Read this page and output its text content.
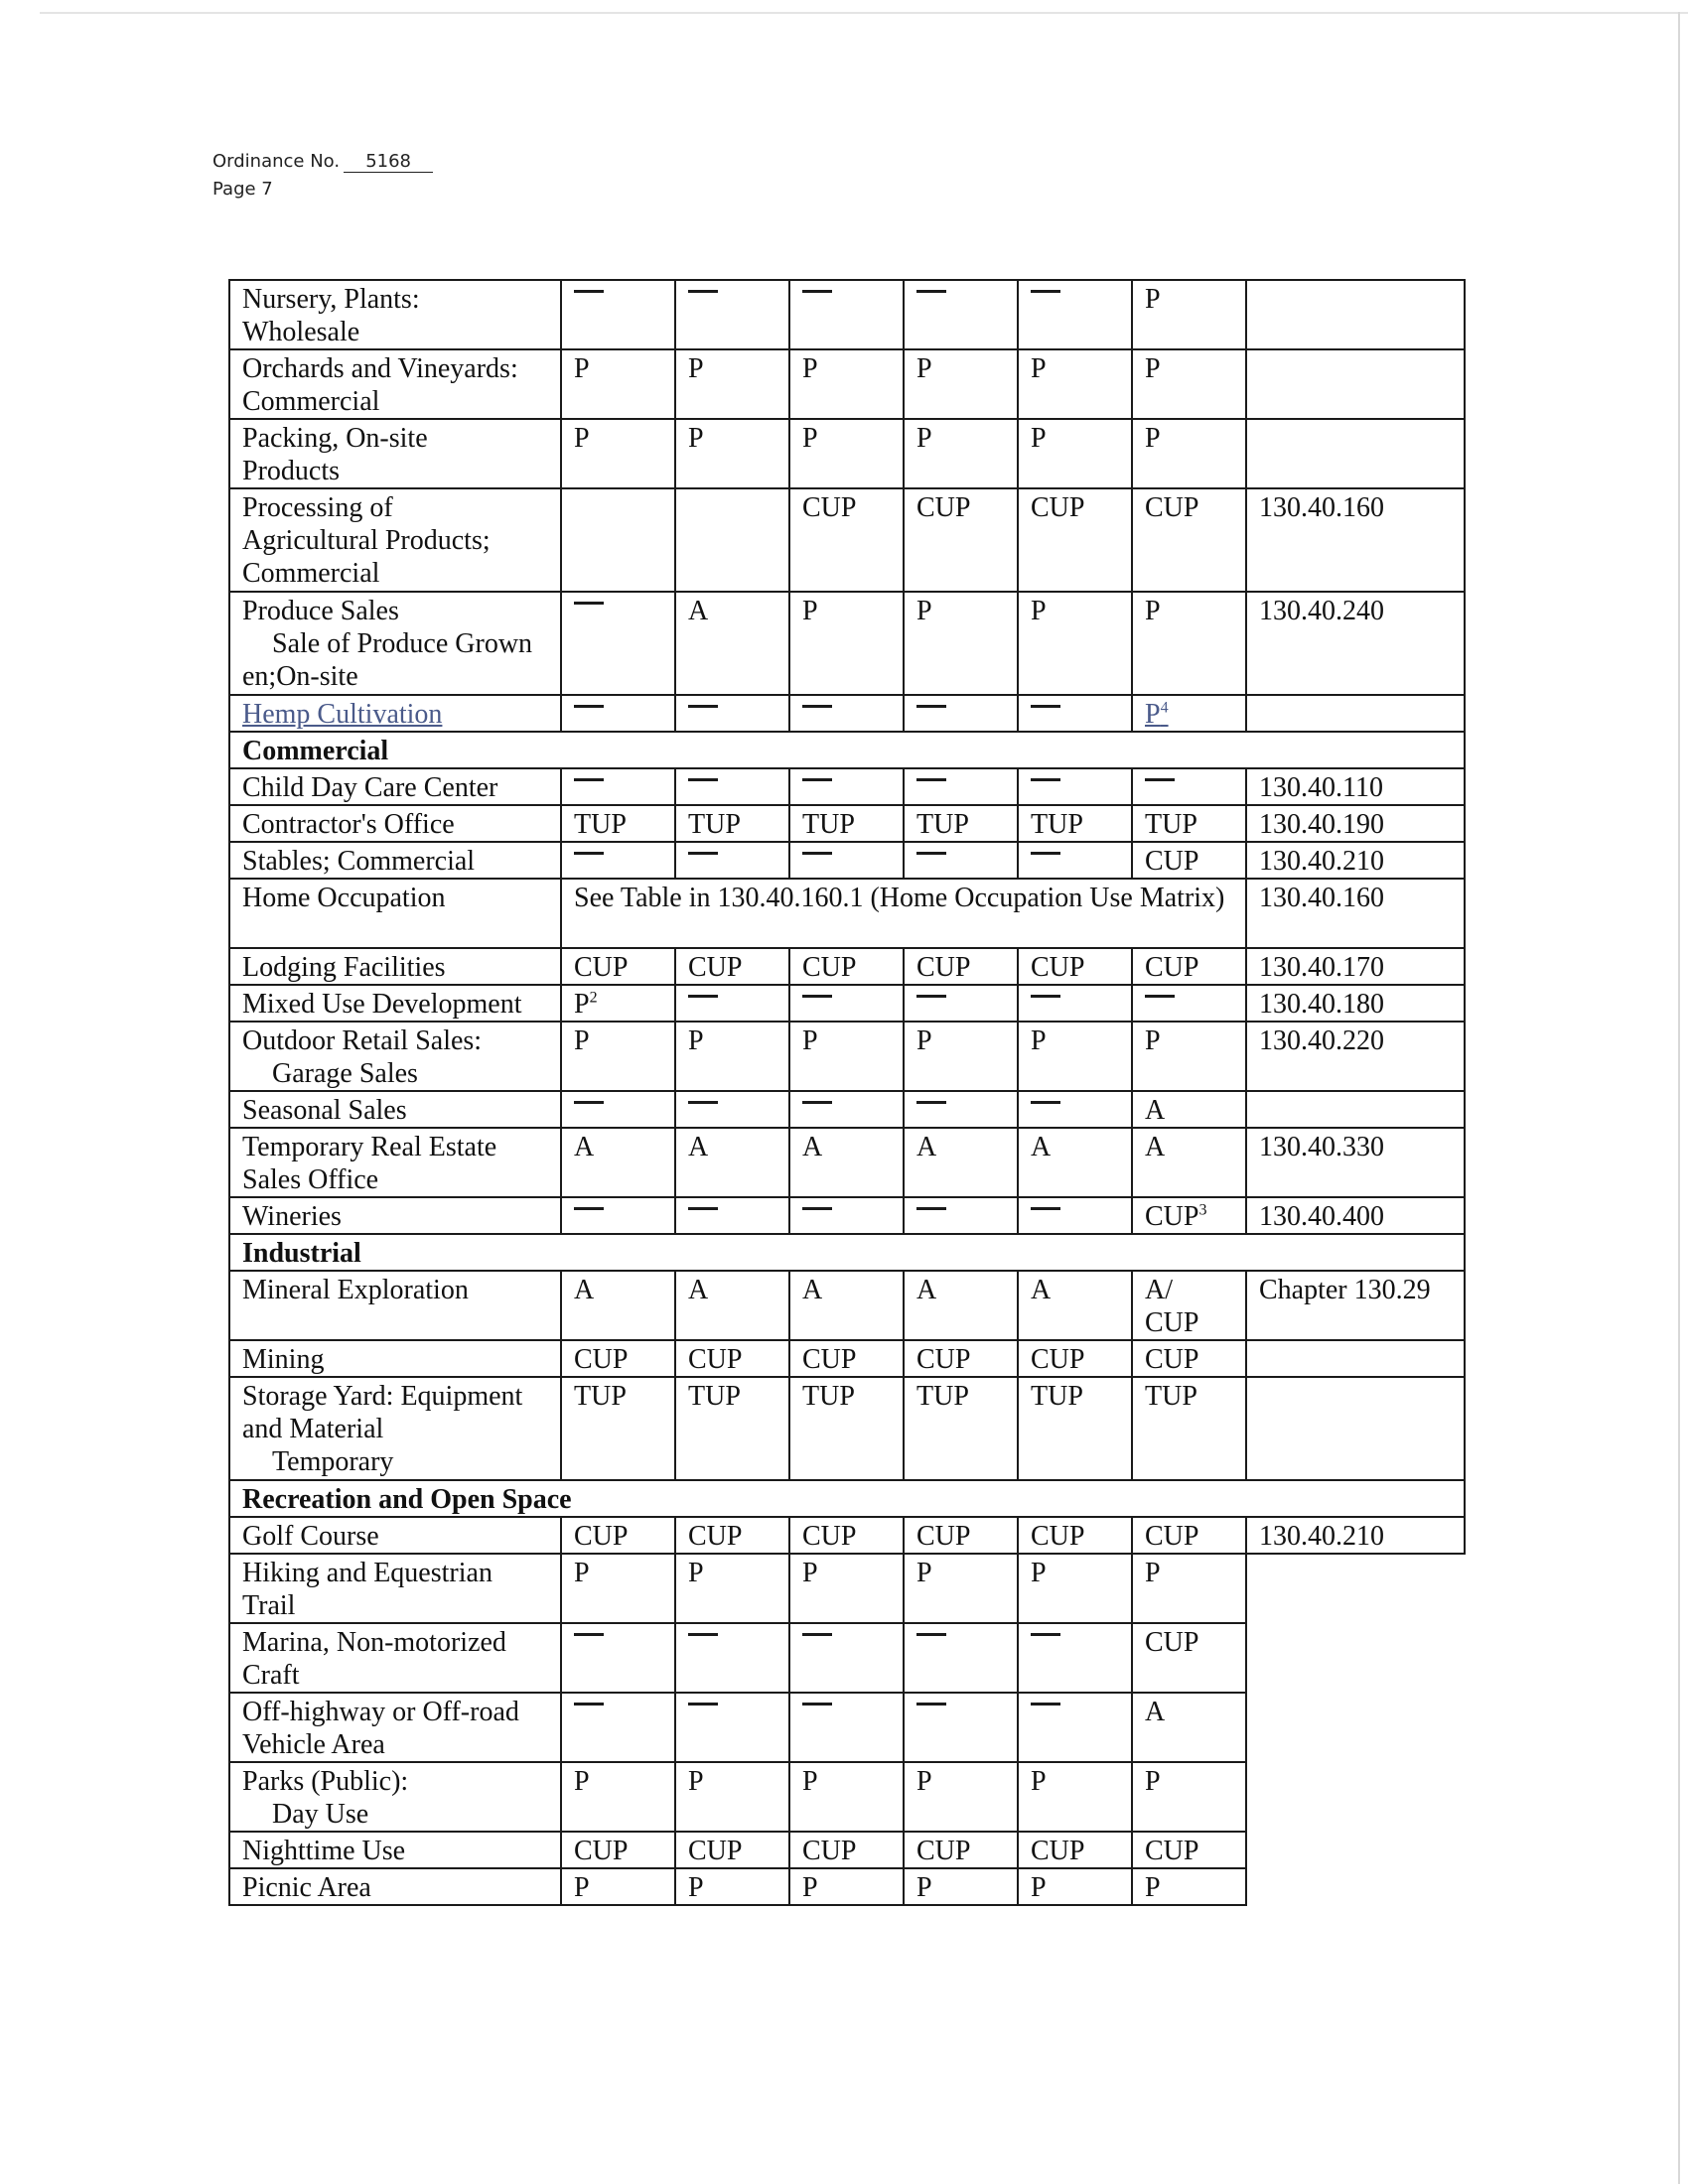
Ordinance No. 5168
Page 7
Nursery, Plants:
Wholesale						P	
Orchards and Vineyards:
Commercial	P	P	P	P	P	P	
Packing, On-site
Products	P	P	P	P	P	P	
Processing of
Agricultural Products;
Commercial			CUP	CUP	CUP	CUP	130.40.160
Produce Sales
Sale of Produce Grown
en;On-site		A	P	P	P	P	130.40.240
Hemp Cultivation						$P^4$	
Commercial							
Child Day Care Center							130.40.110
Contractor's Office	TUP	TUP	TUP	TUP	TUP	TUP	130.40.190
Stables; Commercial						CUP	130.40.210
Home Occupation	See Table in 130.40.160.1 (Home Occupation Use Matrix)						130.40.160
Lodging Facilities	CUP	CUP	CUP	CUP	CUP	CUP	130.40.170
Mixed Use Development	$P^2$						130.40.180
Outdoor Retail Sales:
Garage Sales	P	P	P	P	P	P	130.40.220
Seasonal Sales						A	
Temporary Real Estate
Sales Office	A	A	A	A	A	A	130.40.330
Wineries						CUP$^3$	130.40.400
Industrial							
Mineral Exploration	A	A	A	A	A	A/
CUP	Chapter 130.29
Mining	CUP	CUP	CUP	CUP	CUP	CUP	
Storage Yard: Equipment
and Material
Temporary	TUP	TUP	TUP	TUP	TUP	TUP	
Recreation and Open Space							
Golf Course	CUP	CUP	CUP	CUP	CUP	CUP	130.40.210
Hiking and Equestrian
Trail	P	P	P	P	P	P	
Marina, Non-motorized
Craft						CUP	
Off-highway or Off-road
Vehicle Area						A	
Parks (Public):
Day Use	P	P	P	P	P	P	
Nighttime Use	CUP	CUP	CUP	CUP	CUP	CUP	
Picnic Area	P	P	P	P	P	P	
